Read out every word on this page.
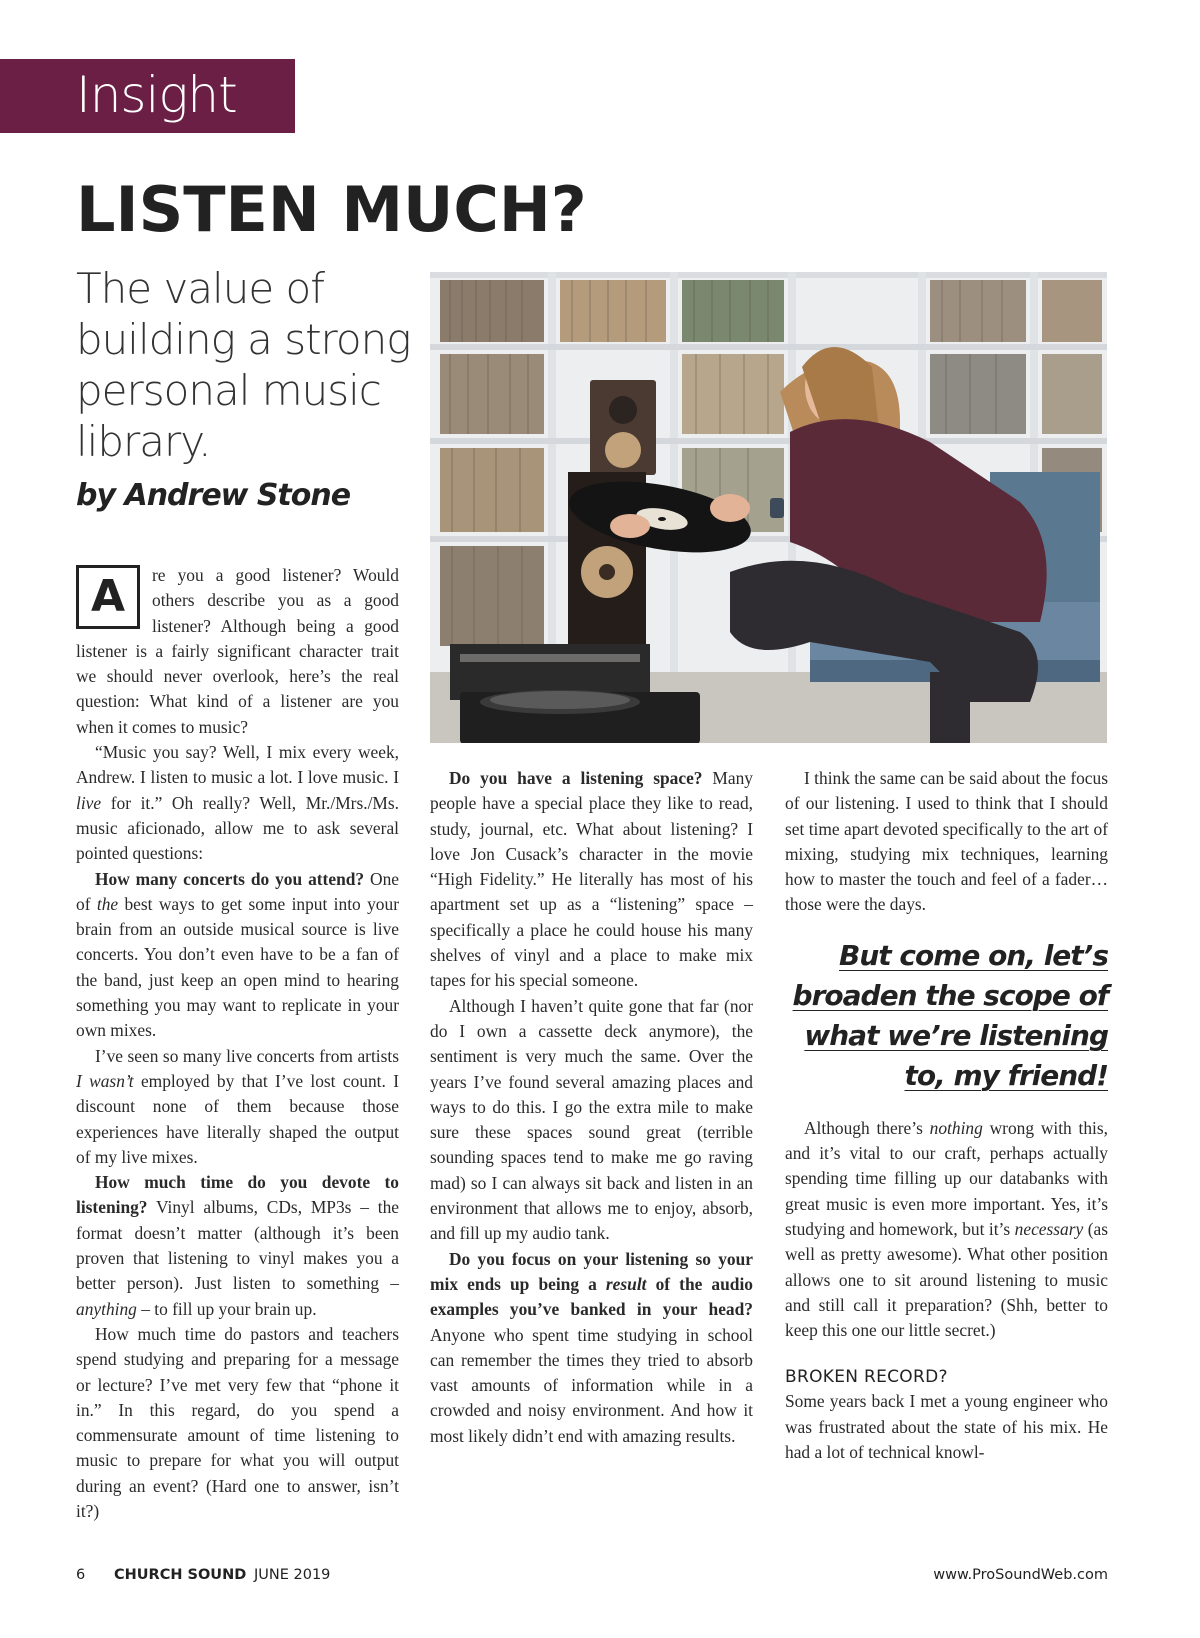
Insight
LISTEN MUCH?
The value of building a strong personal music library.
by Andrew Stone
A	re you a good listener? Would others describe you as a good listener? Although being a good listener is a fairly significant character trait we should never overlook, here’s the real question: What kind of a listener are you when it comes to music?

“Music you say? Well, I mix every week, Andrew. I listen to music a lot. I love music. I live for it.” Oh really? Well, Mr./Mrs./Ms. music aficionado, allow me to ask several pointed questions:

How many concerts do you attend? One of the best ways to get some input into your brain from an outside musical source is live concerts. You don’t even have to be a fan of the band, just keep an open mind to hearing something you may want to replicate in your own mixes.

I’ve seen so many live concerts from artists I wasn’t employed by that I’ve lost count. I discount none of them because those experiences have literally shaped the output of my live mixes.

How much time do you devote to listening? Vinyl albums, CDs, MP3s – the format doesn’t matter (although it’s been proven that listening to vinyl makes you a better person). Just listen to something – anything – to fill up your brain up.

How much time do pastors and teachers spend studying and preparing for a message or lecture? I’ve met very few that “phone it in.” In this regard, do you spend a commensurate amount of time listening to music to prepare for what you will output during an event? (Hard one to answer, isn’t it?)

Do you have a listening space? Many people have a special place they like to read, study, journal, etc. What about listening? I love Jon Cusack’s character in the movie “High Fidelity.” He literally has most of his apartment set up as a “listening” space – specifically a place he could house his many shelves of vinyl and a place to make mix tapes for his special someone.

Although I haven’t quite gone that far (nor do I own a cassette deck anymore), the sentiment is very much the same. Over the years I’ve found several amazing places and ways to do this. I go the extra mile to make sure these spaces sound great (terrible sounding spaces tend to make me go raving mad) so I can always sit back and listen in an environment that allows me to enjoy, absorb, and fill up my audio tank.

Do you focus on your listening so your mix ends up being a result of the audio examples you’ve banked in your head? Anyone who spent time studying in school can remember the times they tried to absorb vast amounts of information while in a crowded and noisy environment. And how it most likely didn’t end with amazing results.

I think the same can be said about the focus of our listening. I used to think that I should set time apart devoted specifically to the art of mixing, studying mix techniques, learning how to master the touch and feel of a fader… those were the days.

But come on, let’s broaden the scope of what we’re listening to, my friend!

Although there’s nothing wrong with this, and it’s vital to our craft, perhaps actually spending time filling up our databanks with great music is even more important. Yes, it’s studying and homework, but it’s necessary (as well as pretty awesome). What other position allows one to sit around listening to music and still call it preparation? (Shh, better to keep this one our little secret.)

BROKEN RECORD?

Some years back I met a young engineer who was frustrated about the state of his mix. He had a lot of technical knowl-

6 CHURCH SOUND JUNE 2019	www.ProSoundWeb.com
